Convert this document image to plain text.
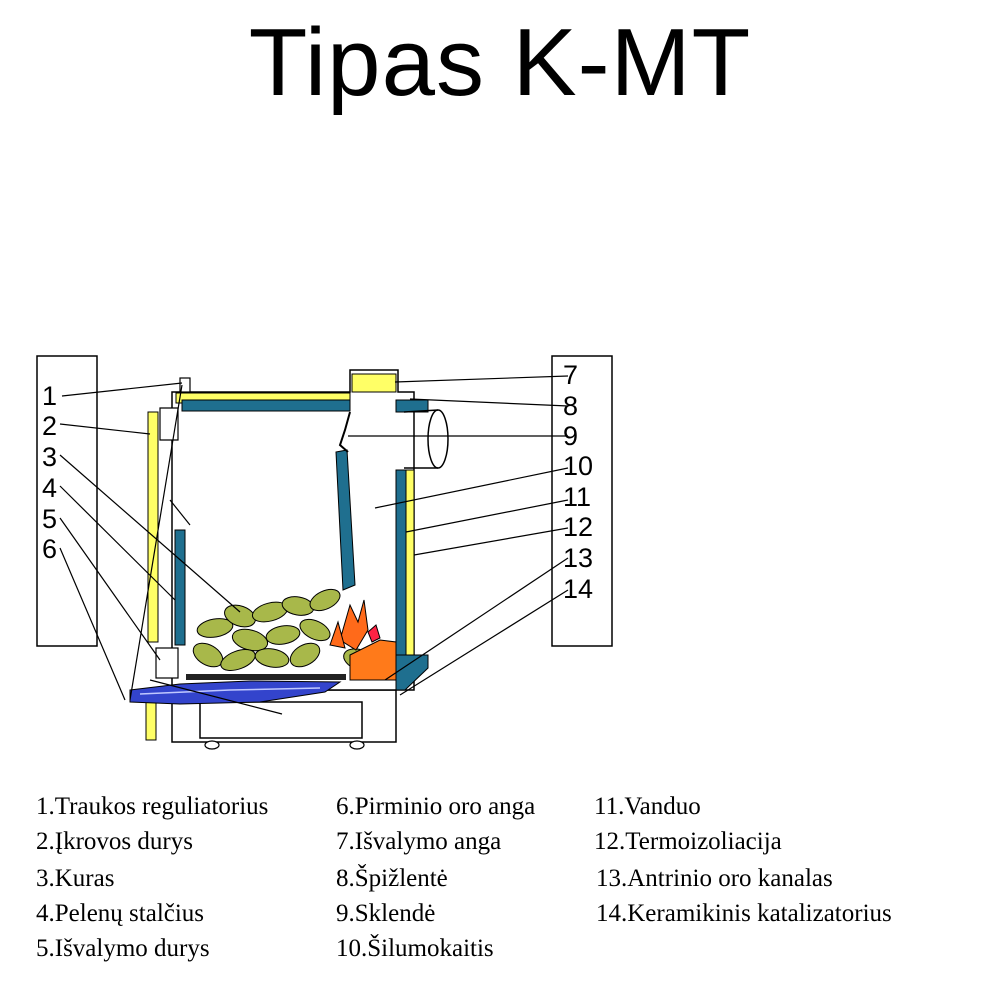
Tipas K-MT
1
2
3
4
5
6
7
8
9
10
11
12
13
14
1.Traukos reguliatorius
2.Įkrovos durys
3.Kuras
4.Pelenų stalčius
5.Išvalymo durys
6.Pirminio oro anga
7.Išvalymo anga
8.Špižlentė
9.Sklendė
10.Šilumokaitis
11.Vanduo
12.Termoizoliacija
13.Antrinio oro kanalas
14.Keramikinis katalizatorius
